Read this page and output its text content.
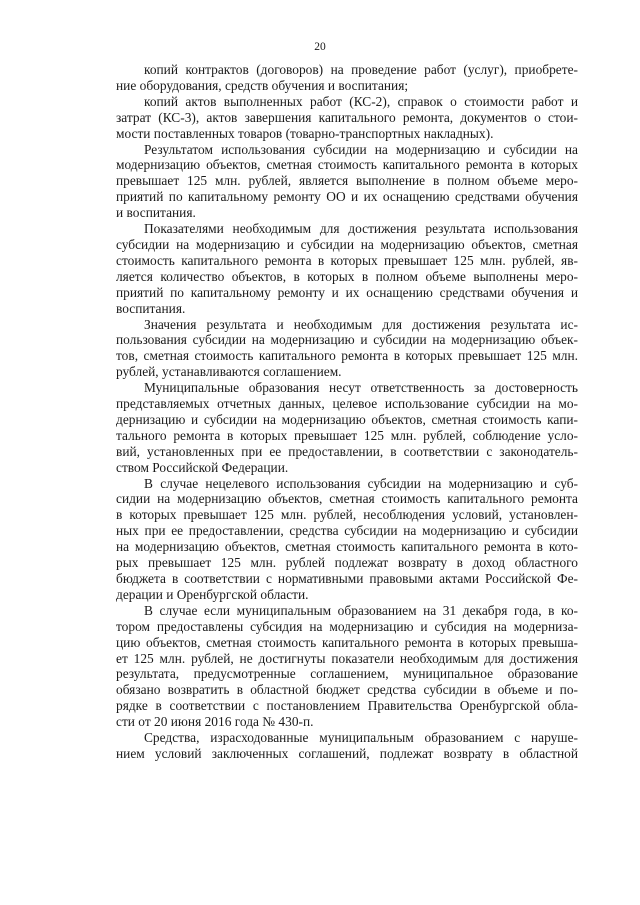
20

копий контрактов (договоров) на проведение работ (услуг), приобрете-
ние оборудования, средств обучения и воспитания;

копий актов выполненных работ (КС-2), справок о стоимости работ и
затрат (КС-3), актов завершения капитального ремонта, документов о стои-
мости поставленных товаров (товарно-транспортных накладных).

Результатом использования субсидии на модернизацию и субсидии на
модернизацию объектов, сметная стоимость капитального ремонта в которых
превышает 125 млн. рублей, является выполнение в полном объеме меро-
приятий по капитальному ремонту ОО и их оснащению средствами обучения
и воспитания.

Показателями необходимым для достижения результата использования
субсидии на модернизацию и субсидии на модернизацию объектов, сметная
стоимость капитального ремонта в которых превышает 125 млн. рублей, яв-
ляется количество объектов, в которых в полном объеме выполнены меро-
приятий по капитальному ремонту и их оснащению средствами обучения и
воспитания.

Значения результата и необходимым для достижения результата ис-
пользования субсидии на модернизацию и субсидии на модернизацию объек-
тов, сметная стоимость капитального ремонта в которых превышает 125 млн.
рублей, устанавливаются соглашением.

Муниципальные образования несут ответственность за достоверность
представляемых отчетных данных, целевое использование субсидии на мо-
дернизацию и субсидии на модернизацию объектов, сметная стоимость капи-
тального ремонта в которых превышает 125 млн. рублей, соблюдение усло-
вий, установленных при ее предоставлении, в соответствии с законодатель-
ством Российской Федерации.

В случае нецелевого использования субсидии на модернизацию и суб-
сидии на модернизацию объектов, сметная стоимость капитального ремонта
в которых превышает 125 млн. рублей, несоблюдения условий, установлен-
ных при ее предоставлении, средства субсидии на модернизацию и субсидии
на модернизацию объектов, сметная стоимость капитального ремонта в кото-
рых превышает 125 млн. рублей подлежат возврату в доход областного
бюджета в соответствии с нормативными правовыми актами Российской Фе-
дерации и Оренбургской области.

В случае если муниципальным образованием на 31 декабря года, в ко-
тором предоставлены субсидия на модернизацию и субсидия на модерниза-
цию объектов, сметная стоимость капитального ремонта в которых превыша-
ет 125 млн. рублей, не достигнуты показатели необходимым для достижения
результата, предусмотренные соглашением, муниципальное образование
обязано возвратить в областной бюджет средства субсидии в объеме и по-
рядке в соответствии с постановлением Правительства Оренбургской обла-
сти от 20 июня 2016 года № 430-п.

Средства, израсходованные муниципальным образованием с наруше-
нием условий заключенных соглашений, подлежат возврату в областной
